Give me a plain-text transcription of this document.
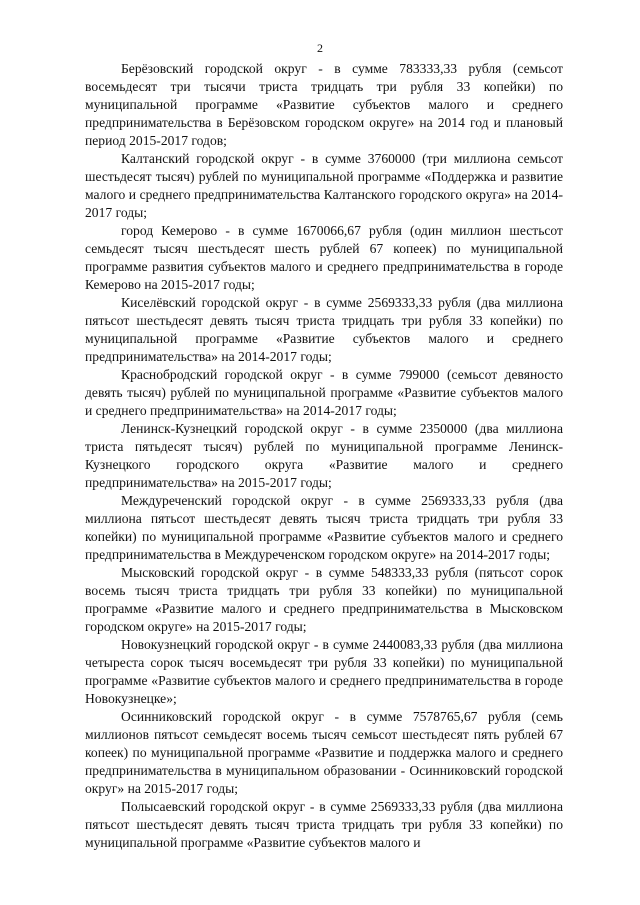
2

Берёзовский городской округ - в сумме 783333,33 рубля (семьсот восемьдесят три тысячи триста тридцать три рубля 33 копейки) по муниципальной программе «Развитие субъектов малого и среднего предпринимательства в Берёзовском городском округе» на 2014 год и плановый период 2015-2017 годов;

Калтанский городской округ - в сумме 3760000 (три миллиона семьсот шестьдесят тысяч) рублей по муниципальной программе «Поддержка и развитие малого и среднего предпринимательства Калтанского городского округа» на 2014-2017 годы;

город Кемерово - в сумме 1670066,67 рубля (один миллион шестьсот семьдесят тысяч шестьдесят шесть рублей 67 копеек) по муниципальной программе развития субъектов малого и среднего предпринимательства в городе Кемерово на 2015-2017 годы;

Киселёвский городской округ - в сумме 2569333,33 рубля (два миллиона пятьсот шестьдесят девять тысяч триста тридцать три рубля 33 копейки) по муниципальной программе «Развитие субъектов малого и среднего предпринимательства» на 2014-2017 годы;

Краснобродский городской округ - в сумме 799000 (семьсот девяносто девять тысяч) рублей по муниципальной программе «Развитие субъектов малого и среднего предпринимательства» на 2014-2017 годы;

Ленинск-Кузнецкий городской округ - в сумме 2350000 (два миллиона триста пятьдесят тысяч) рублей по муниципальной программе Ленинск-Кузнецкого городского округа «Развитие малого и среднего предпринимательства» на 2015-2017 годы;

Междуреченский городской округ - в сумме 2569333,33 рубля (два миллиона пятьсот шестьдесят девять тысяч триста тридцать три рубля 33 копейки) по муниципальной программе «Развитие субъектов малого и среднего предпринимательства в Междуреченском городском округе» на 2014-2017 годы;

Мысковский городской округ - в сумме 548333,33 рубля (пятьсот сорок восемь тысяч триста тридцать три рубля 33 копейки) по муниципальной программе «Развитие малого и среднего предпринимательства в Мысковском городском округе» на 2015-2017 годы;

Новокузнецкий городской округ - в сумме 2440083,33 рубля (два миллиона четыреста сорок тысяч восемьдесят три рубля 33 копейки) по муниципальной программе «Развитие субъектов малого и среднего предпринимательства в городе Новокузнецке»;

Осинниковский городской округ - в сумме 7578765,67 рубля (семь миллионов пятьсот семьдесят восемь тысяч семьсот шестьдесят пять рублей 67 копеек) по муниципальной программе «Развитие и поддержка малого и среднего предпринимательства в муниципальном образовании - Осинниковский городской округ» на 2015-2017 годы;

Полысаевский городской округ - в сумме 2569333,33 рубля (два миллиона пятьсот шестьдесят девять тысяч триста тридцать три рубля 33 копейки) по муниципальной программе «Развитие субъектов малого и
